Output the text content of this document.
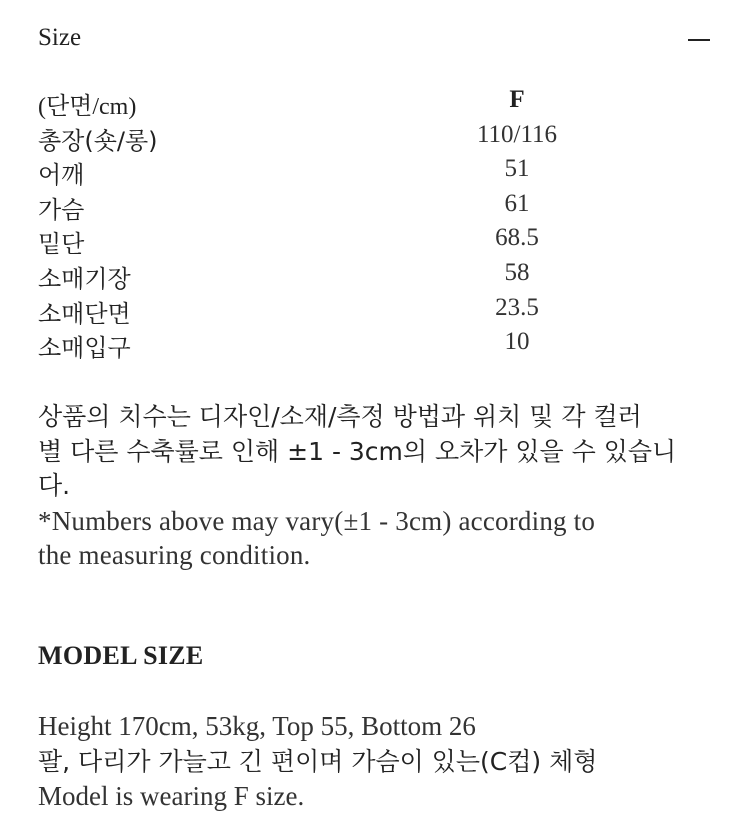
Size
(단면/cm)	F
총장(숏/롱)	110/116
어깨	51
가슴	61
밑단	68.5
소매기장	58
소매단면	23.5
소매입구	10
상품의 치수는 디자인/소재/측정 방법과 위치 및 각 컬러
별 다른 수축률로 인해 ±1 - 3cm의 오차가 있을 수 있습니
다.
*Numbers above may vary(±1 - 3cm) according to
the measuring condition.
MODEL SIZE
Height 170cm, 53kg, Top 55, Bottom 26
팔, 다리가 가늘고 긴 편이며 가슴이 있는(C컵) 체형
Model is wearing F size.
